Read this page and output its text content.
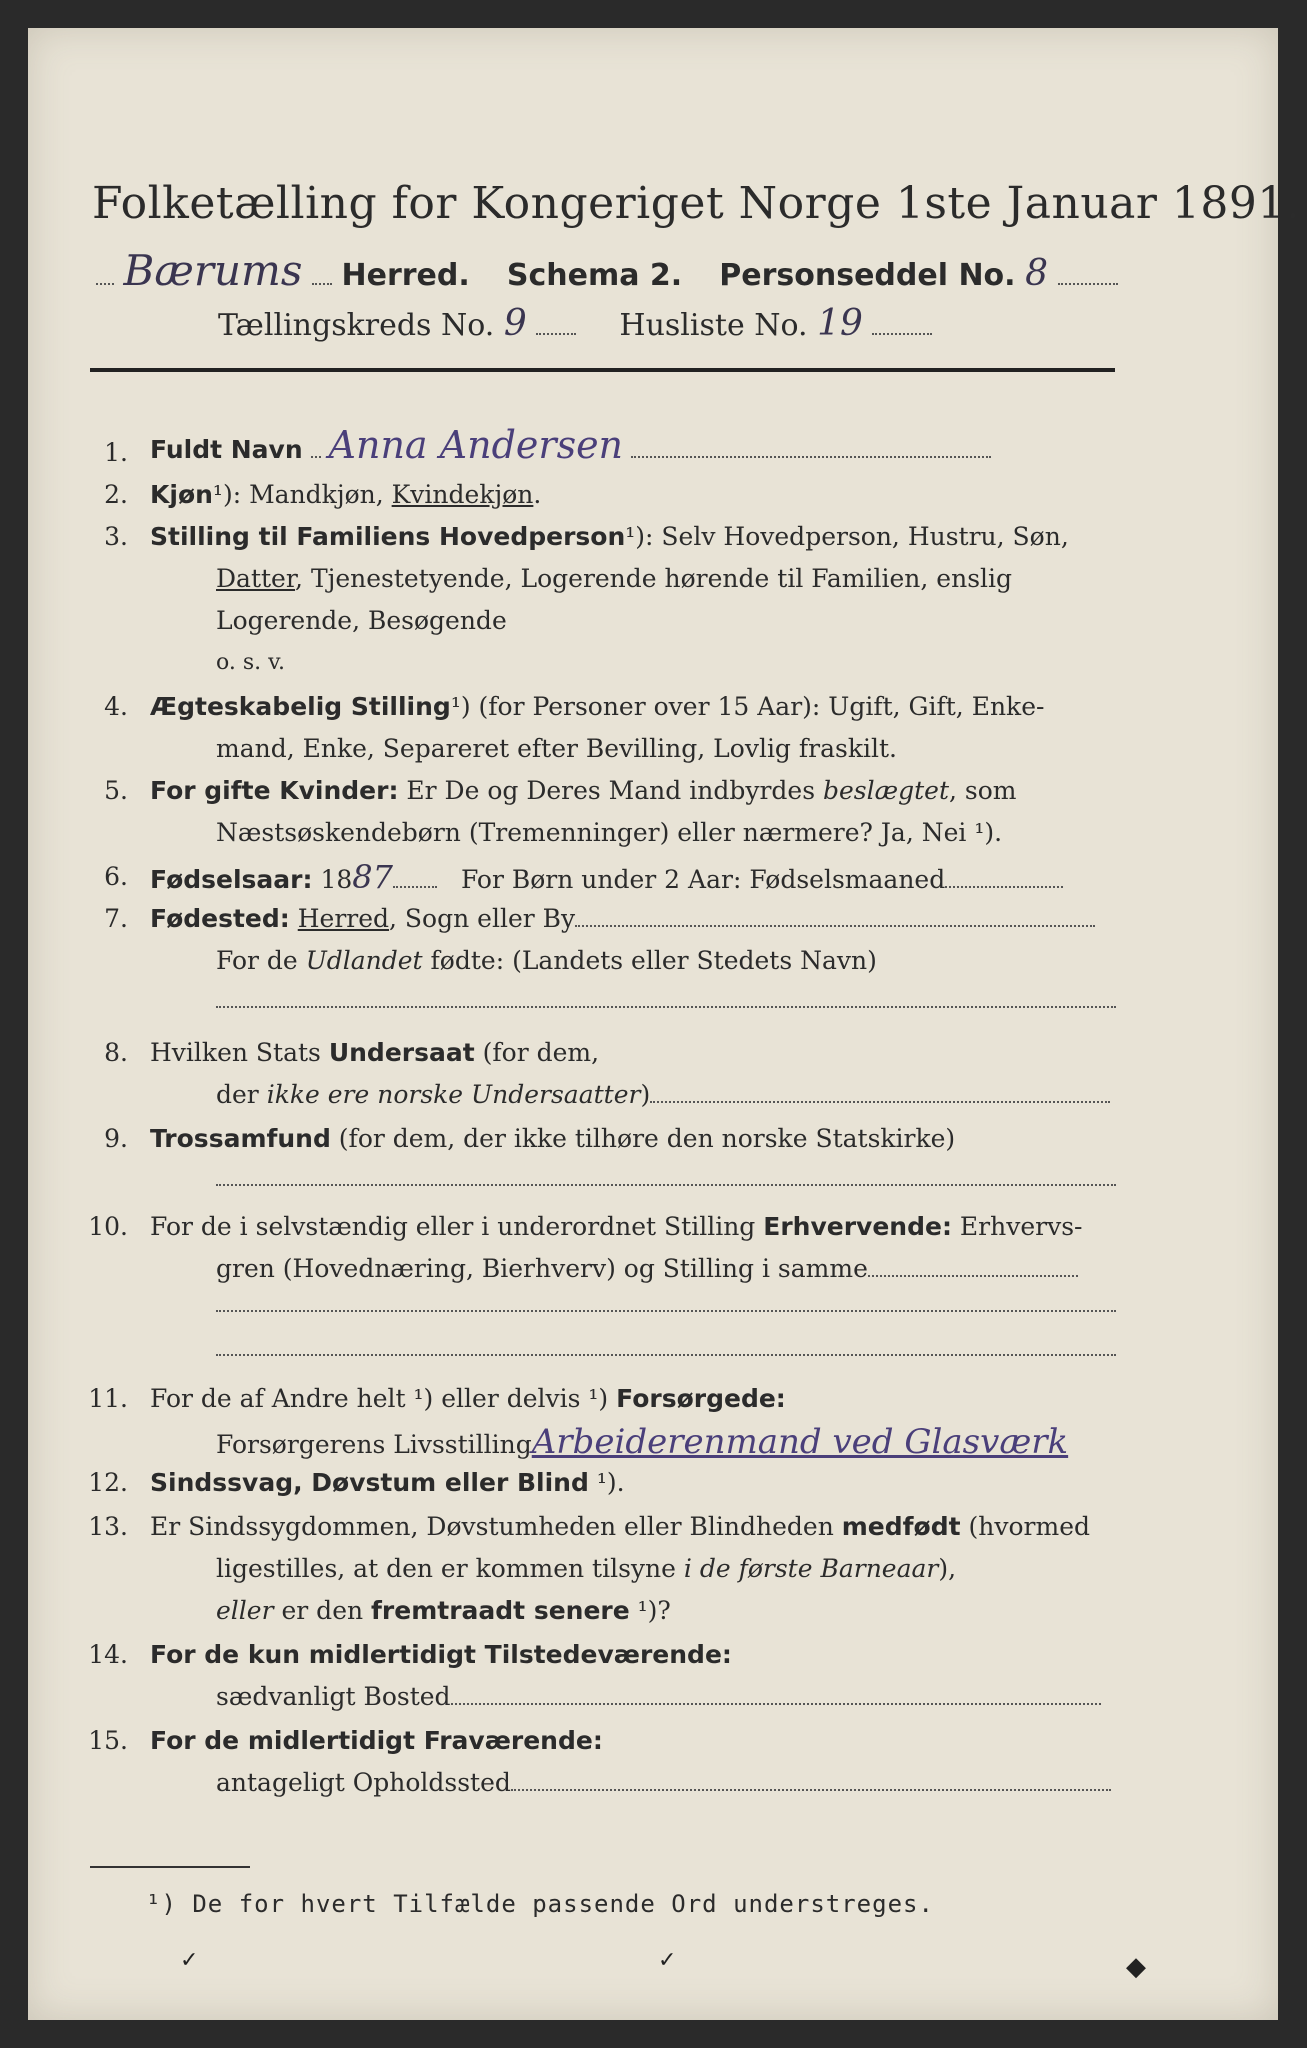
Folketælling for Kongeriget Norge 1ste Januar 1891.
Bærums Herred. Schema 2. Personseddel No. 8
Tællingskreds No. 9	Husliste No. 19
1. Fuldt Navn Anna Andersen
2. Kjøn¹): Mandkjøn, Kvindekjøn.
3. Stilling til Familiens Hovedperson¹): Selv Hovedperson, Hustru, Søn,
Datter, Tjenestetyende, Logerende hørende til Familien, enslig
Logerende, Besøgende
o. s. v.
4. Ægteskabelig Stilling¹) (for Personer over 15 Aar): Ugift, Gift, Enke-
mand, Enke, Separeret efter Bevilling, Lovlig fraskilt.
5. For gifte Kvinder: Er De og Deres Mand indbyrdes beslægtet, som
Næstsøskendebørn (Tremenninger) eller nærmere? Ja, Nei ¹).
6. Fødselsaar: 1887	For Børn under 2 Aar: Fødselsmaaned
7. Fødested: Herred, Sogn eller By
For de Udlandet fødte: (Landets eller Stedets Navn)
8. Hvilken Stats Undersaat (for dem,
der ikke ere norske Undersaatter)
9. Trossamfund (for dem, der ikke tilhøre den norske Statskirke)
10. For de i selvstændig eller i underordnet Stilling Erhvervende: Erhvervs-
gren (Hovednæring, Bierhverv) og Stilling i samme
11. For de af Andre helt ¹) eller delvis ¹) Forsørgede:
Forsørgerens LivsstillingArbeiderenmand ved Glasværk
12. Sindssvag, Døvstum eller Blind ¹).
13. Er Sindssygdommen, Døvstumheden eller Blindheden medfødt (hvormed
ligestilles, at den er kommen tilsyne i de første Barneaar),
eller er den fremtraadt senere ¹)?
14. For de kun midlertidigt Tilstedeværende:
sædvanligt Bosted
15. For de midlertidigt Fraværende:
antageligt Opholdssted
¹) De for hvert Tilfælde passende Ord understreges.
✓	✓	◆
